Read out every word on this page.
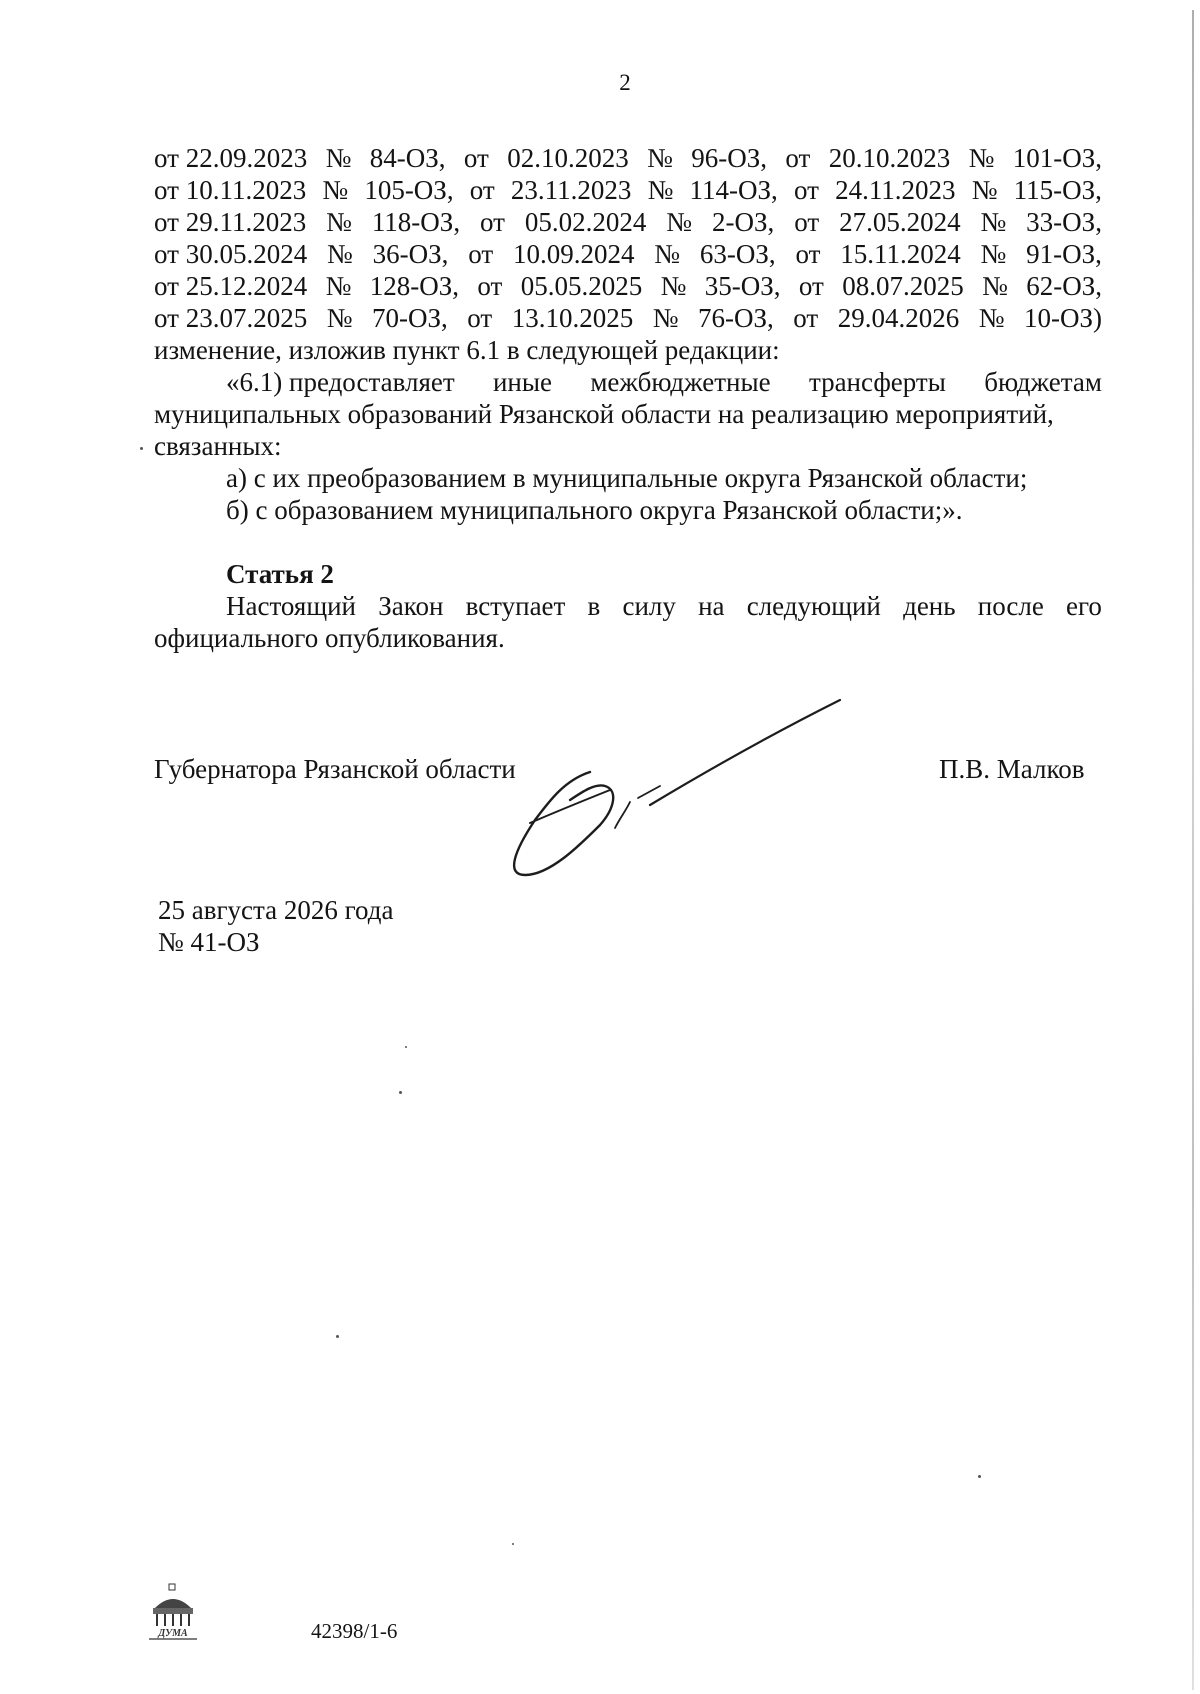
2
от 22.09.2023 № 84-ОЗ, от 02.10.2023 № 96-ОЗ, от 20.10.2023 № 101-ОЗ,
от 10.11.2023 № 105-ОЗ, от 23.11.2023 № 114-ОЗ, от 24.11.2023 № 115-ОЗ,
от 29.11.2023 № 118-ОЗ, от 05.02.2024 № 2-ОЗ, от 27.05.2024 № 33-ОЗ,
от 30.05.2024 № 36-ОЗ, от 10.09.2024 № 63-ОЗ, от 15.11.2024 № 91-ОЗ,
от 25.12.2024 № 128-ОЗ, от 05.05.2025 № 35-ОЗ, от 08.07.2025 № 62-ОЗ,
от 23.07.2025 № 70-ОЗ, от 13.10.2025 № 76-ОЗ, от 29.04.2026 № 10-ОЗ)
изменение, изложив пункт 6.1 в следующей редакции:
«6.1) предоставляет иные межбюджетные трансферты бюджетам
муниципальных образований Рязанской области на реализацию мероприятий,
связанных:
а) с их преобразованием в муниципальные округа Рязанской области;
б) с образованием муниципального округа Рязанской области;».
Статья 2
Настоящий Закон вступает в силу на следующий день после его
официального опубликования.
Губернатора Рязанской области	П.В. Малков
25 августа 2026 года
№ 41-ОЗ
ДУМА	42398/1-6
